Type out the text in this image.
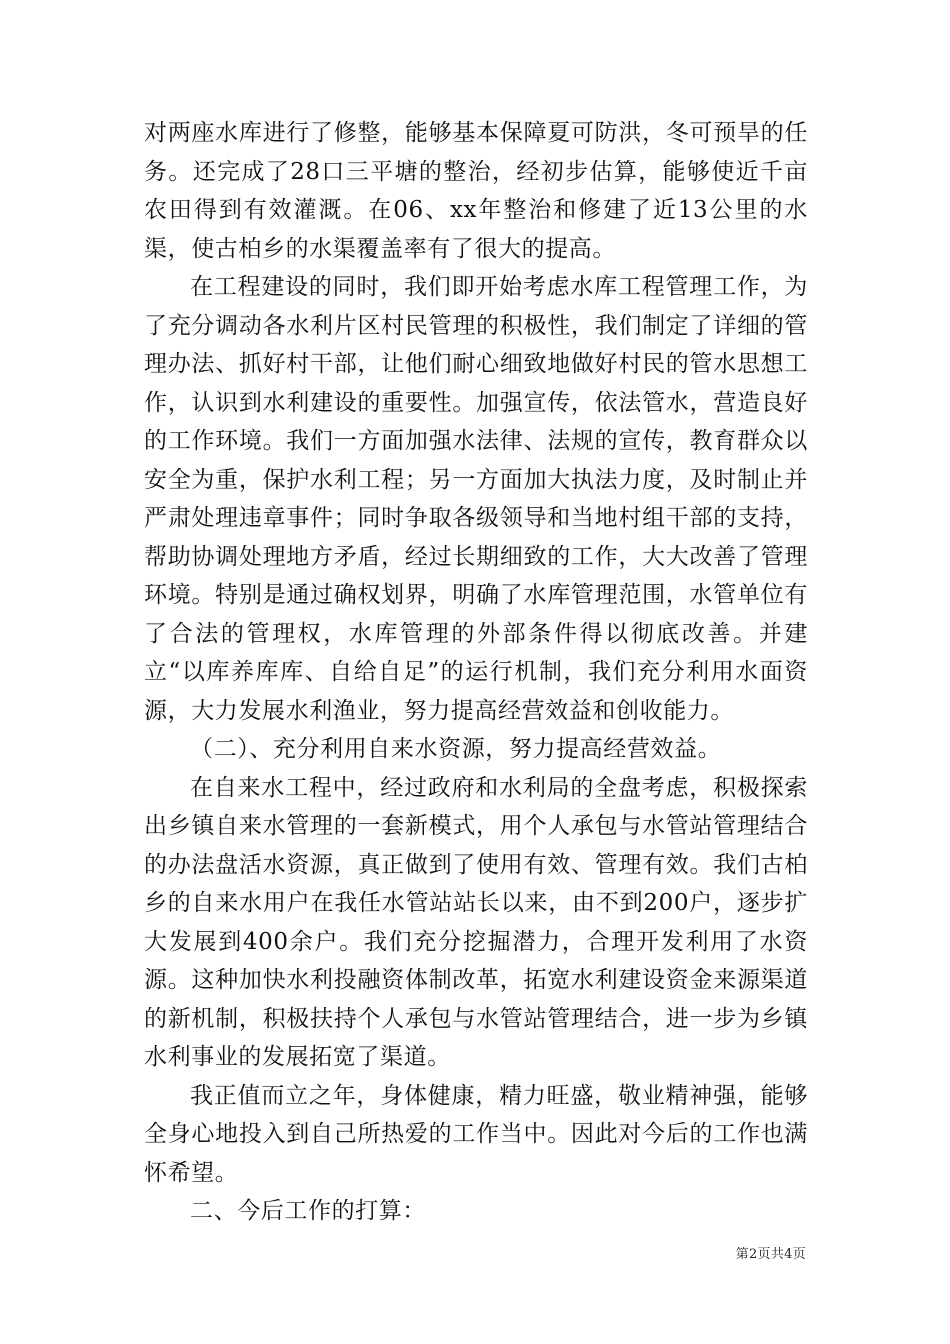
对两座水库进行了修整，能够基本保障夏可防洪，冬可预旱的任务。还完成了28口三平塘的整治，经初步估算，能够使近千亩农田得到有效灌溉。在06、xx年整治和修建了近13公里的水渠，使古柏乡的水渠覆盖率有了很大的提高。

在工程建设的同时，我们即开始考虑水库工程管理工作，为了充分调动各水利片区村民管理的积极性，我们制定了详细的管理办法、抓好村干部，让他们耐心细致地做好村民的管水思想工作，认识到水利建设的重要性。加强宣传，依法管水，营造良好的工作环境。我们一方面加强水法律、法规的宣传，教育群众以安全为重，保护水利工程；另一方面加大执法力度，及时制止并严肃处理违章事件；同时争取各级领导和当地村组干部的支持，帮助协调处理地方矛盾，经过长期细致的工作，大大改善了管理环境。特别是通过确权划界，明确了水库管理范围，水管单位有了合法的管理权，水库管理的外部条件得以彻底改善。并建立“以库养库库、自给自足”的运行机制，我们充分利用水面资源，大力发展水利渔业，努力提高经营效益和创收能力。

（二）、充分利用自来水资源，努力提高经营效益。

在自来水工程中，经过政府和水利局的全盘考虑，积极探索出乡镇自来水管理的一套新模式，用个人承包与水管站管理结合的办法盘活水资源，真正做到了使用有效、管理有效。我们古柏乡的自来水用户在我任水管站站长以来，由不到200户，逐步扩大发展到400余户。我们充分挖掘潜力，合理开发利用了水资源。这种加快水利投融资体制改革，拓宽水利建设资金来源渠道的新机制，积极扶持个人承包与水管站管理结合，进一步为乡镇水利事业的发展拓宽了渠道。

我正值而立之年，身体健康，精力旺盛，敬业精神强，能够全身心地投入到自己所热爱的工作当中。因此对今后的工作也满怀希望。

二、今后工作的打算：

第2页共4页
